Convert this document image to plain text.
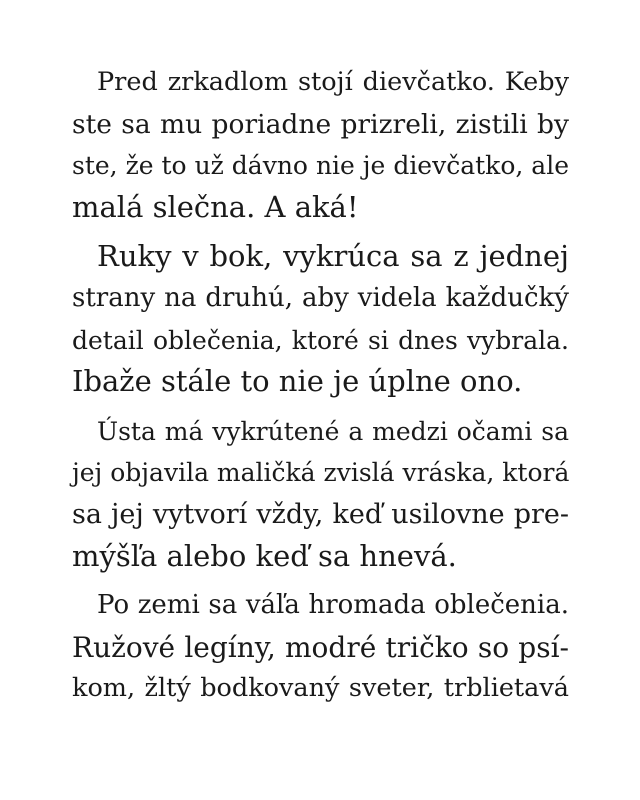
Pred zrkadlom stojí dievčatko. Keby
ste sa mu poriadne prizreli, zistili by
ste, že to už dávno nie je dievčatko, ale
malá slečna. A aká!
Ruky v bok, vykrúca sa z jednej
strany na druhú, aby videla každučký
detail oblečenia, ktoré si dnes vybrala.
Ibaže stále to nie je úplne ono.
Ústa má vykrútené a medzi očami sa
jej objavila maličká zvislá vráska, ktorá
sa jej vytvorí vždy, keď usilovne pre-
mýšľa alebo keď sa hnevá.
Po zemi sa váľa hromada oblečenia.
Ružové legíny, modré tričko so psí-
kom, žltý bodkovaný sveter, trblietavá
